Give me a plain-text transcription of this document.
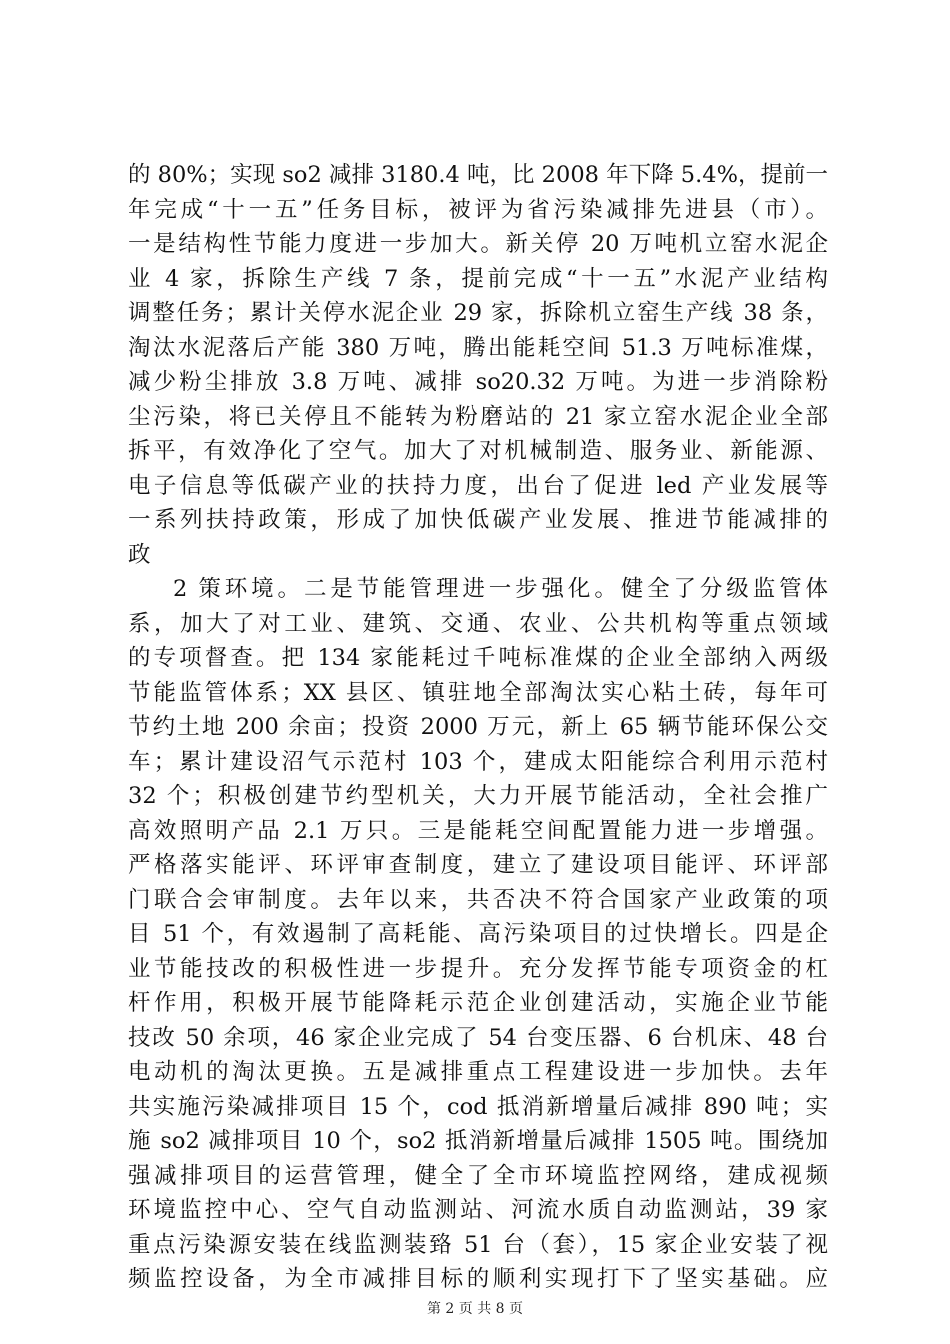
的 80%；实现 so2 减排 3180.4 吨，比 2008 年下降 5.4%，提前一
年完成“十一五”任务目标，被评为省污染减排先进县（市）。
一是结构性节能力度进一步加大。新关停 20 万吨机立窑水泥企
业 4 家，拆除生产线 7 条，提前完成“十一五”水泥产业结构
调整任务；累计关停水泥企业 29 家，拆除机立窑生产线 38 条，
淘汰水泥落后产能 380 万吨，腾出能耗空间 51.3 万吨标准煤，
减少粉尘排放 3.8 万吨、减排 so20.32 万吨。为进一步消除粉
尘污染，将已关停且不能转为粉磨站的 21 家立窑水泥企业全部
拆平，有效净化了空气。加大了对机械制造、服务业、新能源、
电子信息等低碳产业的扶持力度，出台了促进 led 产业发展等
一系列扶持政策，形成了加快低碳产业发展、推进节能减排的
政
2 策环境。二是节能管理进一步强化。健全了分级监管体
系，加大了对工业、建筑、交通、农业、公共机构等重点领域
的专项督查。把 134 家能耗过千吨标准煤的企业全部纳入两级
节能监管体系；XX 县区、镇驻地全部淘汰实心粘土砖，每年可
节约土地 200 余亩；投资 2000 万元，新上 65 辆节能环保公交
车；累计建设沼气示范村 103 个，建成太阳能综合利用示范村
32 个；积极创建节约型机关，大力开展节能活动，全社会推广
高效照明产品 2.1 万只。三是能耗空间配置能力进一步增强。
严格落实能评、环评审查制度，建立了建设项目能评、环评部
门联合会审制度。去年以来，共否决不符合国家产业政策的项
目 51 个，有效遏制了高耗能、高污染项目的过快增长。四是企
业节能技改的积极性进一步提升。充分发挥节能专项资金的杠
杆作用，积极开展节能降耗示范企业创建活动，实施企业节能
技改 50 余项，46 家企业完成了 54 台变压器、6 台机床、48 台
电动机的淘汰更换。五是减排重点工程建设进一步加快。去年
共实施污染减排项目 15 个，cod 抵消新增量后减排 890 吨；实
施 so2 减排项目 10 个，so2 抵消新增量后减排 1505 吨。围绕加
强减排项目的运营管理，健全了全市环境监控网络，建成视频
环境监控中心、空气自动监测站、河流水质自动监测站，39 家
重点污染源安装在线监测装臵 51 台（套），15 家企业安装了视
频监控设备，为全市减排目标的顺利实现打下了坚实基础。应
第 2 页 共 8 页
